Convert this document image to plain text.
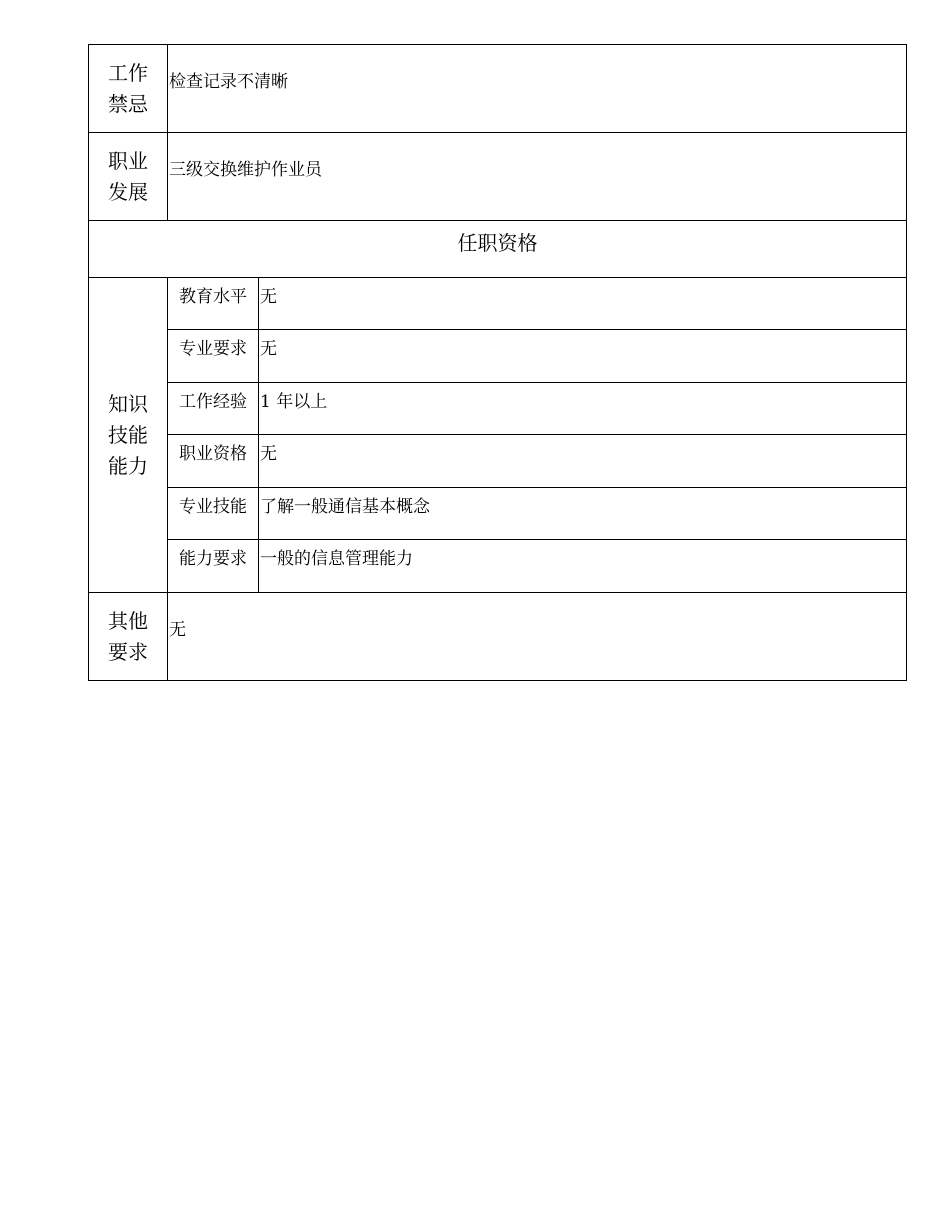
工作禁忌	检查记录不清晰	
职业发展	三级交换维护作业员	
任职资格		
知识技能能力	教育水平	无
	专业要求	无
	工作经验	1 年以上
	职业资格	无
	专业技能	了解一般通信基本概念
	能力要求	一般的信息管理能力
其他要求	无	
